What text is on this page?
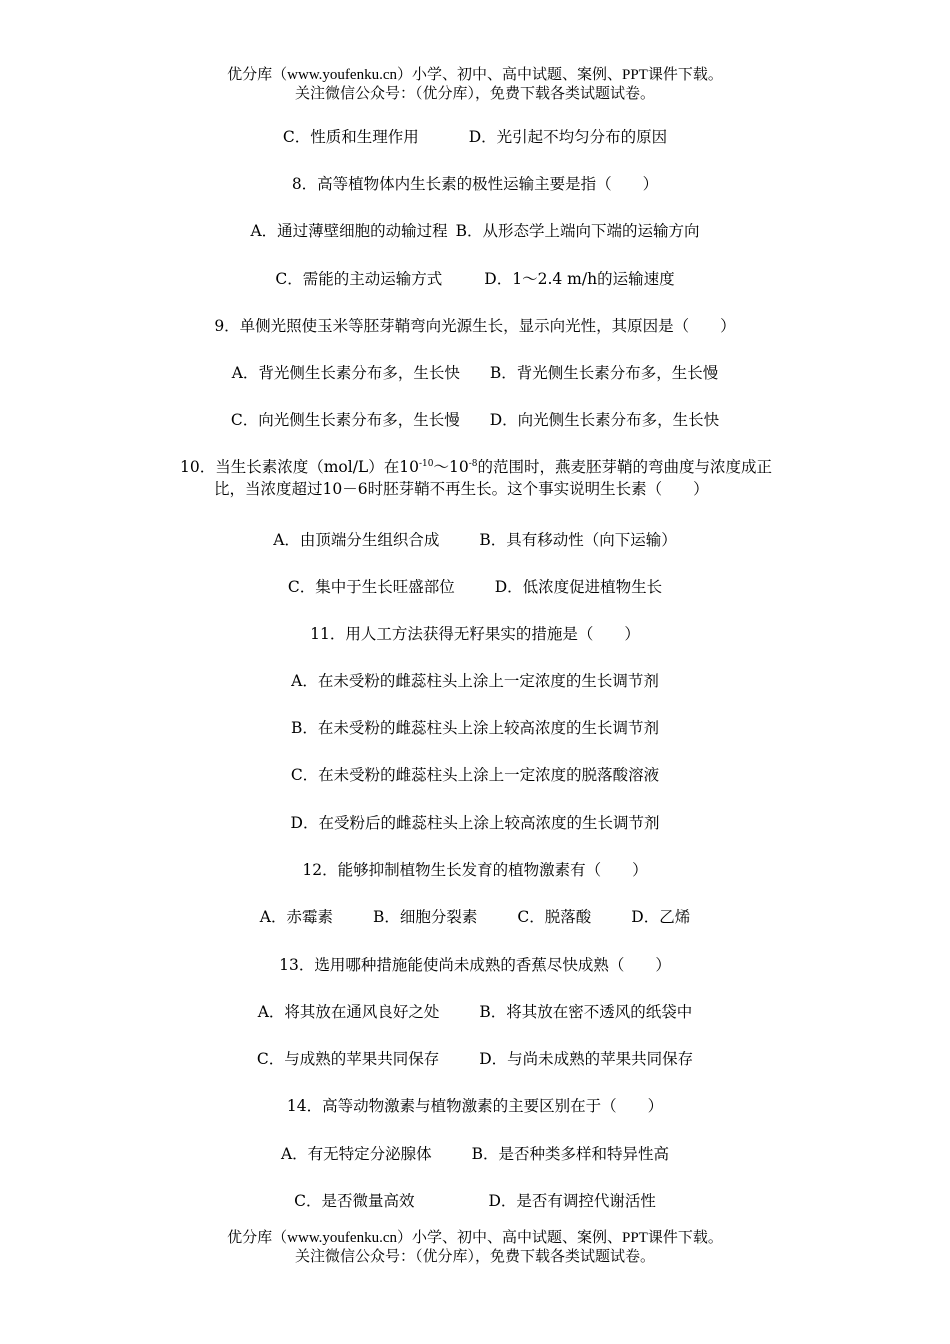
优分库（www.youfenku.cn）小学、初中、高中试题、案例、PPT课件下载。
关注微信公众号：（优分库），免费下载各类试题试卷。
C．性质和生理作用	D．光引起不均匀分布的原因
8．高等植物体内生长素的极性运输主要是指（　　）
A．通过薄壁细胞的动输过程 B．从形态学上端向下端的运输方向
C．需能的主动运输方式	D．1～2.4 m/h的运输速度
9．单侧光照使玉米等胚芽鞘弯向光源生长，显示向光性，其原因是（　　）
A．背光侧生长素分布多，生长快 B．背光侧生长素分布多，生长慢
C．向光侧生长素分布多，生长慢 D．向光侧生长素分布多，生长快
10．当生长素浓度（mol/L）在$10^{-10}\sim 10^{-8}$的范围时，燕麦胚芽鞘的弯曲度与浓度成正
比，当浓度超过10－6时胚芽鞘不再生长。这个事实说明生长素（　　）
A．由顶端分生组织合成	B．具有移动性（向下运输）
C．集中于生长旺盛部位	D．低浓度促进植物生长
11．用人工方法获得无籽果实的措施是（　　）
A．在未受粉的雌蕊柱头上涂上一定浓度的生长调节剂
B．在未受粉的雌蕊柱头上涂上较高浓度的生长调节剂
C．在未受粉的雌蕊柱头上涂上一定浓度的脱落酸溶液
D．在受粉后的雌蕊柱头上涂上较高浓度的生长调节剂
12．能够抑制植物生长发育的植物激素有（　　）
A．赤霉素	B．细胞分裂素	C．脱落酸	D．乙烯
13．选用哪种措施能使尚未成熟的香蕉尽快成熟（　　）
A．将其放在通风良好之处	B．将其放在密不透风的纸袋中
C．与成熟的苹果共同保存	D．与尚未成熟的苹果共同保存
14．高等动物激素与植物激素的主要区别在于（　　）
A．有无特定分泌腺体	B．是否种类多样和特异性高
C．是否微量高效	D．是否有调控代谢活性
优分库（www.youfenku.cn）小学、初中、高中试题、案例、PPT课件下载。
关注微信公众号：（优分库），免费下载各类试题试卷。
